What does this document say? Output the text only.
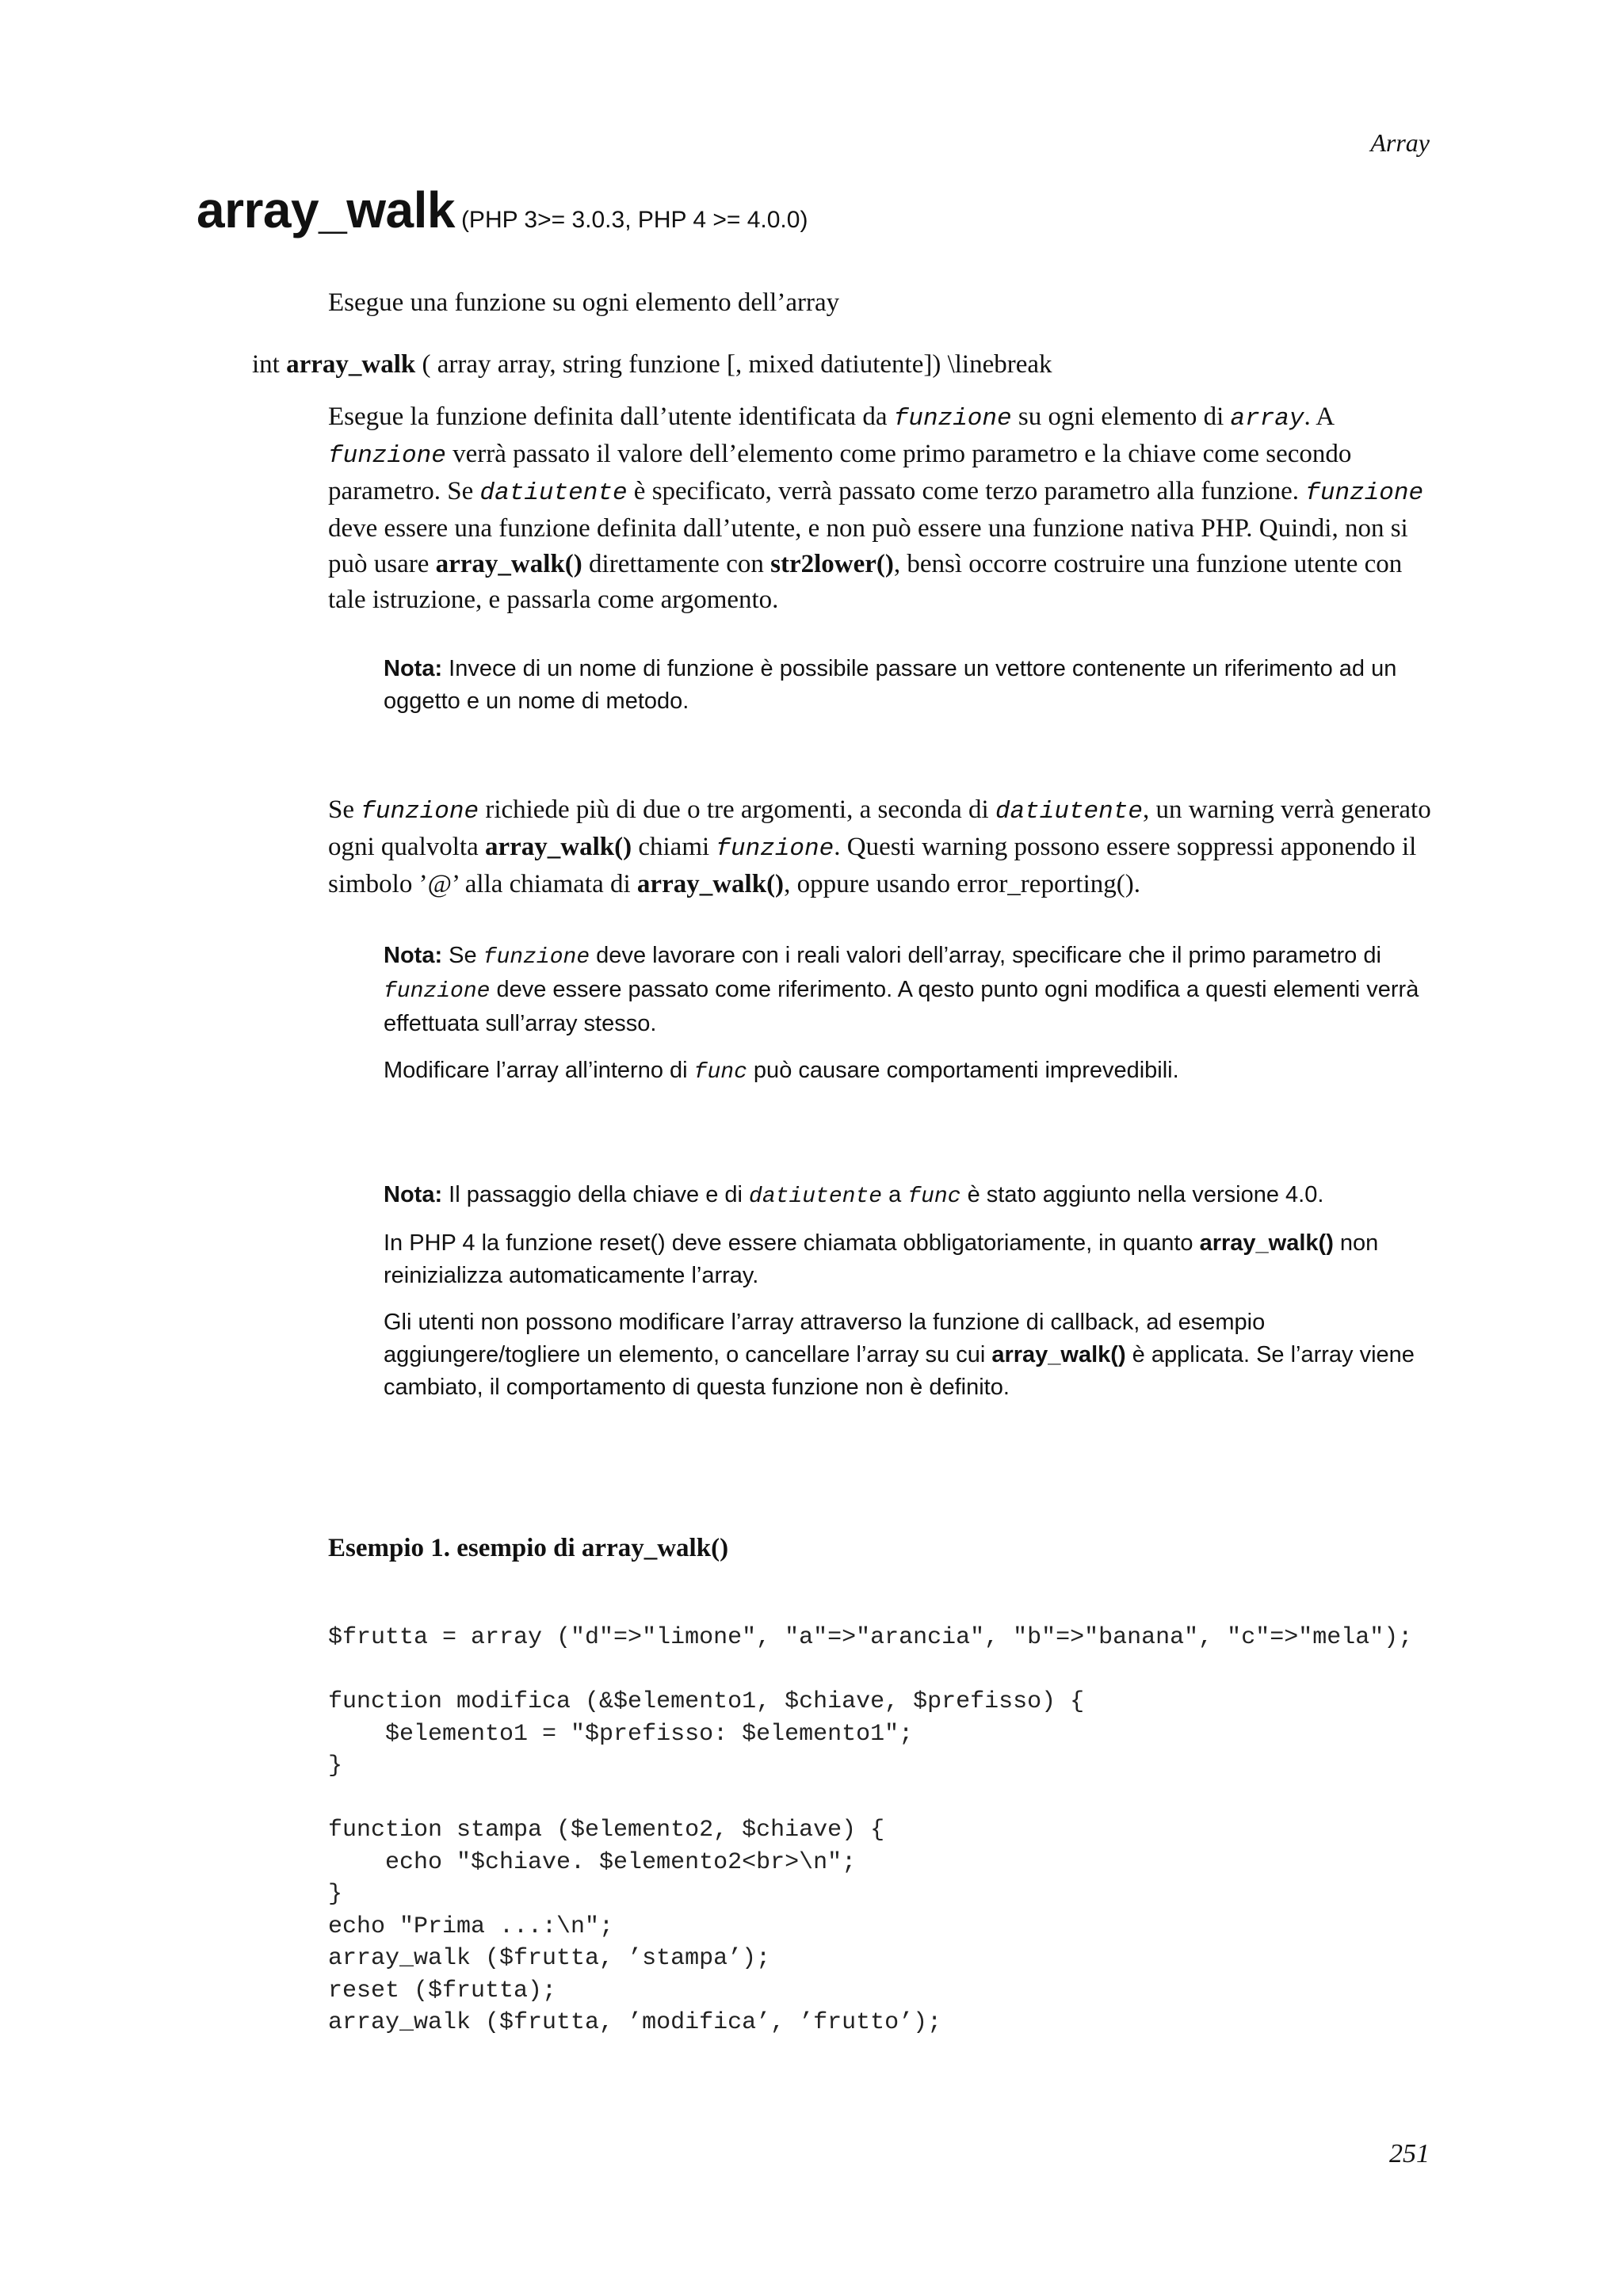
Array
array_walk (PHP 3>= 3.0.3, PHP 4 >= 4.0.0)
Esegue una funzione su ogni elemento dell’array
int array_walk ( array array, string funzione [, mixed datiutente]) \linebreak
Esegue la funzione definita dall’utente identificata da funzione su ogni elemento di array. A funzione verrà passato il valore dell’elemento come primo parametro e la chiave come secondo parametro. Se datiutente è specificato, verrà passato come terzo parametro alla funzione. funzione deve essere una funzione definita dall’utente, e non può essere una funzione nativa PHP. Quindi, non si può usare array_walk() direttamente con str2lower(), bensì occorre costruire una funzione utente con tale istruzione, e passarla come argomento.

Nota: Invece di un nome di funzione è possibile passare un vettore contenente un riferimento ad un oggetto e un nome di metodo.

Se funzione richiede più di due o tre argomenti, a seconda di datiutente, un warning verrà generato ogni qualvolta array_walk() chiami funzione. Questi warning possono essere soppressi apponendo il simbolo ’@’ alla chiamata di array_walk(), oppure usando error_reporting().

Nota: Se funzione deve lavorare con i reali valori dell’array, specificare che il primo parametro di funzione deve essere passato come riferimento. A qesto punto ogni modifica a questi elementi verrà effettuata sull’array stesso.

Modificare l’array all’interno di func può causare comportamenti imprevedibili.

Nota: Il passaggio della chiave e di datiutente a func è stato aggiunto nella versione 4.0.

In PHP 4 la funzione reset() deve essere chiamata obbligatoriamente, in quanto array_walk() non reinizializza automaticamente l’array.

Gli utenti non possono modificare l’array attraverso la funzione di callback, ad esempio aggiungere/togliere un elemento, o cancellare l’array su cui array_walk() è applicata. Se l’array viene cambiato, il comportamento di questa funzione non è definito.

Esempio 1. esempio di array_walk()
$frutta = array ("d"=>"limone", "a"=>"arancia", "b"=>"banana", "c"=>"mela");
function modifica (&$elemento1, $chiave, $prefisso) {
$elemento1 = "$prefisso: $elemento1";
}
function stampa ($elemento2, $chiave) {
echo "$chiave. $elemento2<br>\n";
}
echo "Prima ...:\n";
array_walk ($frutta, ’stampa’);
reset ($frutta);
array_walk ($frutta, ’modifica’, ’frutto’);
251
